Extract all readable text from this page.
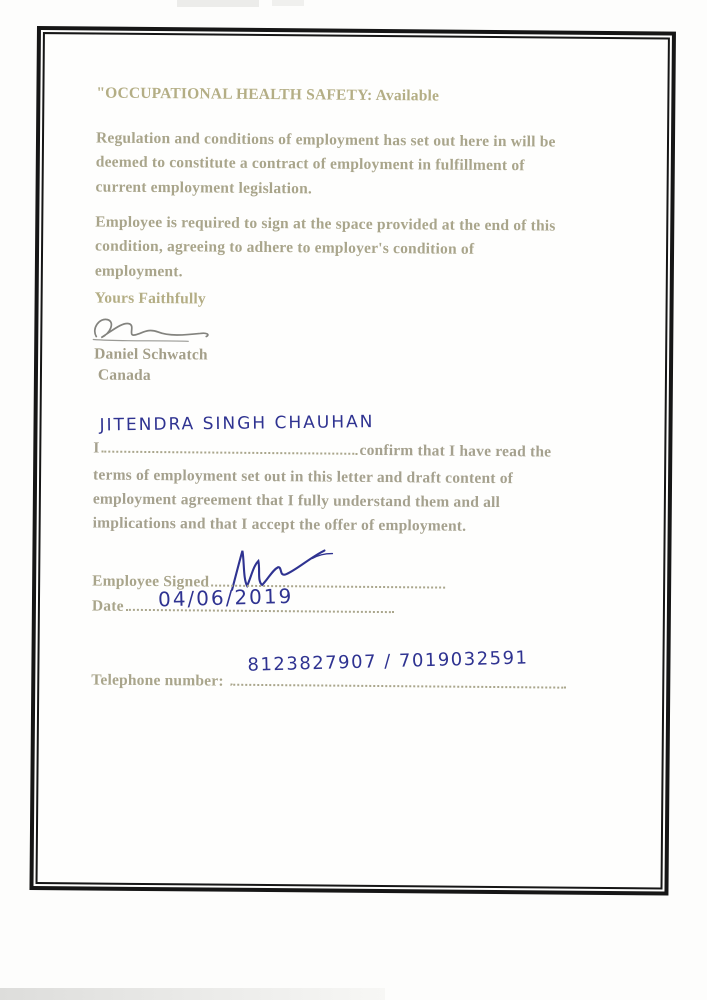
"OCCUPATIONAL HEALTH SAFETY: Available
Regulation and conditions of employment has set out here in will be
deemed to constitute a contract of employment in fulfillment of
current employment legislation.
Employee is required to sign at the space provided at the end of this
condition, agreeing to adhere to employer's condition of
employment.
Yours Faithfully
Daniel Schwatch
Canada
JITENDRA SINGH CHAUHAN
I	confirm that I have read the
terms of employment set out in this letter and draft content of
employment agreement that I fully understand them and all
implications and that I accept the offer of employment.
Employee Signed
04/06/2019
Date
8123827907 / 7019032591
Telephone number:
